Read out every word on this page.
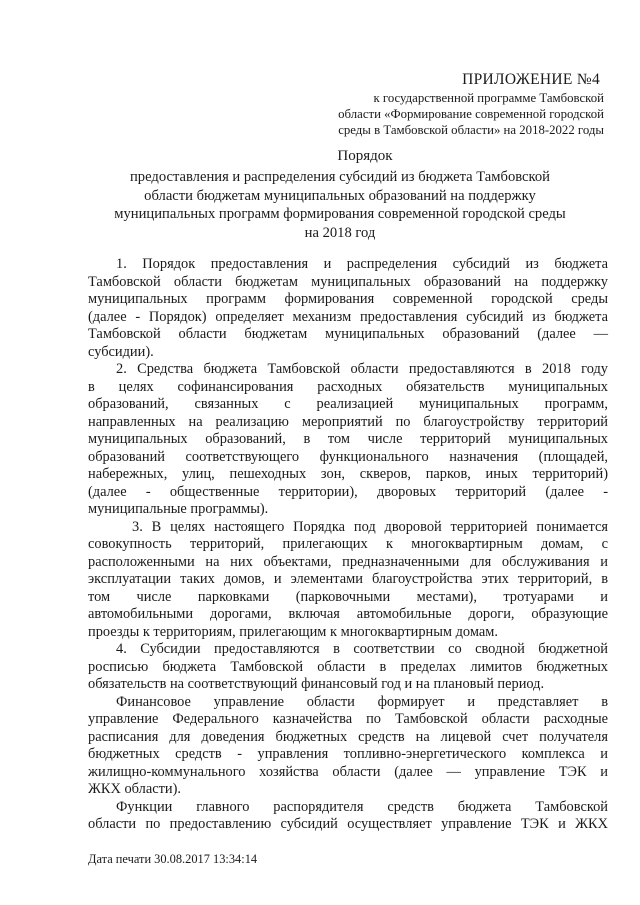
ПРИЛОЖЕНИЕ №4
к государственной программе Тамбовской
области «Формирование современной городской
среды в Тамбовской области» на 2018-2022 годы
Порядок
предоставления и распределения субсидий из бюджета Тамбовской
области бюджетам муниципальных образований на поддержку
муниципальных программ формирования современной городской среды
на 2018 год
1. Порядок предоставления и распределения субсидий из бюджета
Тамбовской области бюджетам муниципальных образований на поддержку
муниципальных программ формирования современной городской среды
(далее - Порядок) определяет механизм предоставления субсидий из бюджета
Тамбовской области бюджетам муниципальных образований (далее —
субсидии).
2. Средства бюджета Тамбовской области предоставляются в 2018 году
в целях софинансирования расходных обязательств муниципальных
образований, связанных с реализацией муниципальных программ,
направленных на реализацию мероприятий по благоустройству территорий
муниципальных образований, в том числе территорий муниципальных
образований соответствующего функционального назначения (площадей,
набережных, улиц, пешеходных зон, скверов, парков, иных территорий)
(далее - общественные территории), дворовых территорий (далее -
муниципальные программы).
3. В целях настоящего Порядка под дворовой территорией понимается
совокупность территорий, прилегающих к многоквартирным домам, с
расположенными на них объектами, предназначенными для обслуживания и
эксплуатации таких домов, и элементами благоустройства этих территорий, в
том числе парковками (парковочными местами), тротуарами и
автомобильными дорогами, включая автомобильные дороги, образующие
проезды к территориям, прилегающим к многоквартирным домам.
4. Субсидии предоставляются в соответствии со сводной бюджетной
росписью бюджета Тамбовской области в пределах лимитов бюджетных
обязательств на соответствующий финансовый год и на плановый период.
Финансовое управление области формирует и представляет в
управление Федерального казначейства по Тамбовской области расходные
расписания для доведения бюджетных средств на лицевой счет получателя
бюджетных средств - управления топливно-энергетического комплекса и
жилищно-коммунального хозяйства области (далее — управление ТЭК и
ЖКХ области).
Функции главного распорядителя средств бюджета Тамбовской
области по предоставлению субсидий осуществляет управление ТЭК и ЖКХ
Дата печати 30.08.2017 13:34:14
